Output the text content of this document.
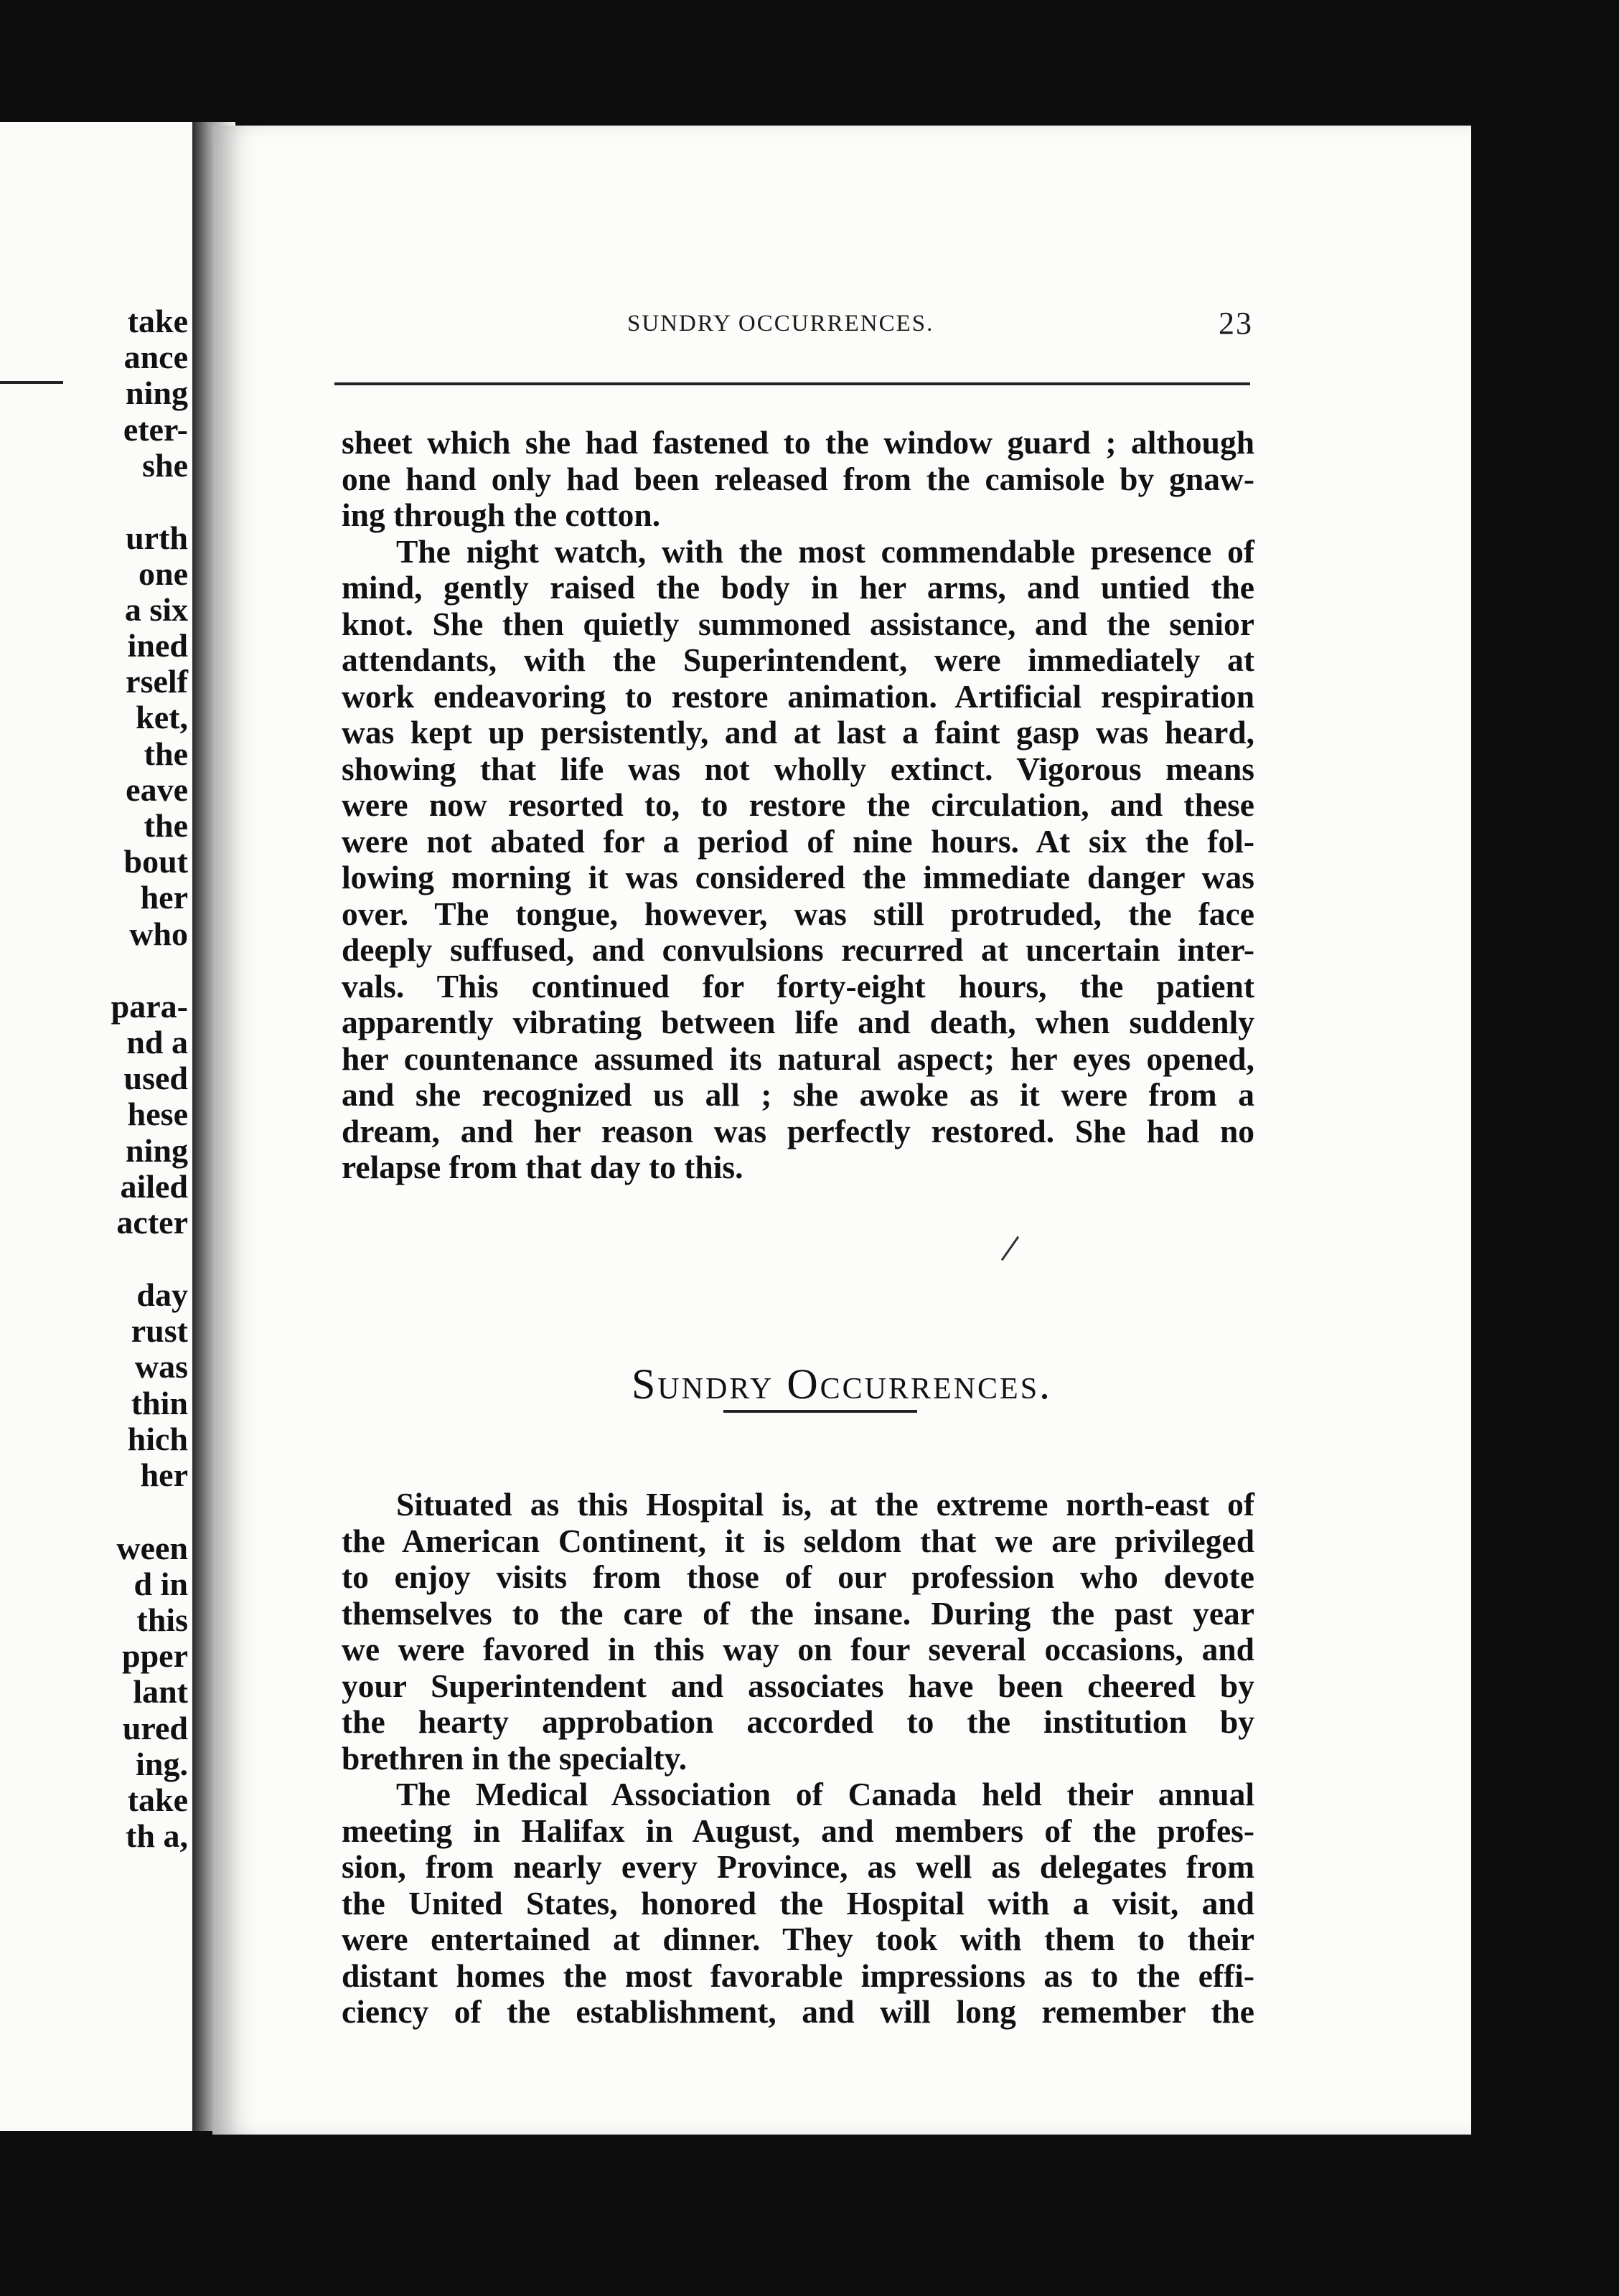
take
ance
ning
eter-
she
urth
one
a six
ined
rself
ket,
the
eave
the
bout
her
who
para-
nd a
used
hese
ning
ailed
acter
day
rust
was
thin
hich
her
ween
d in
this
pper
lant
ured
ing.
take
th a,
SUNDRY OCCURRENCES.	23
sheet which she had fastened to the window guard ; although
one hand only had been released from the camisole by gnaw-
ing through the cotton.
The night watch, with the most commendable presence of
mind, gently raised the body in her arms, and untied the
knot. She then quietly summoned assistance, and the senior
attendants, with the Superintendent, were immediately at
work endeavoring to restore animation. Artificial respiration
was kept up persistently, and at last a faint gasp was heard,
showing that life was not wholly extinct. Vigorous means
were now resorted to, to restore the circulation, and these
were not abated for a period of nine hours. At six the fol-
lowing morning it was considered the immediate danger was
over. The tongue, however, was still protruded, the face
deeply suffused, and convulsions recurred at uncertain inter-
vals. This continued for forty-eight hours, the patient
apparently vibrating between life and death, when suddenly
her countenance assumed its natural aspect; her eyes opened,
and she recognized us all ; she awoke as it were from a
dream, and her reason was perfectly restored. She had no
relapse from that day to this.
Sundry Occurrences.
Situated as this Hospital is, at the extreme north-east of
the American Continent, it is seldom that we are privileged
to enjoy visits from those of our profession who devote
themselves to the care of the insane. During the past year
we were favored in this way on four several occasions, and
your Superintendent and associates have been cheered by
the hearty approbation accorded to the institution by
brethren in the specialty.
The Medical Association of Canada held their annual
meeting in Halifax in August, and members of the profes-
sion, from nearly every Province, as well as delegates from
the United States, honored the Hospital with a visit, and
were entertained at dinner. They took with them to their
distant homes the most favorable impressions as to the effi-
ciency of the establishment, and will long remember the
